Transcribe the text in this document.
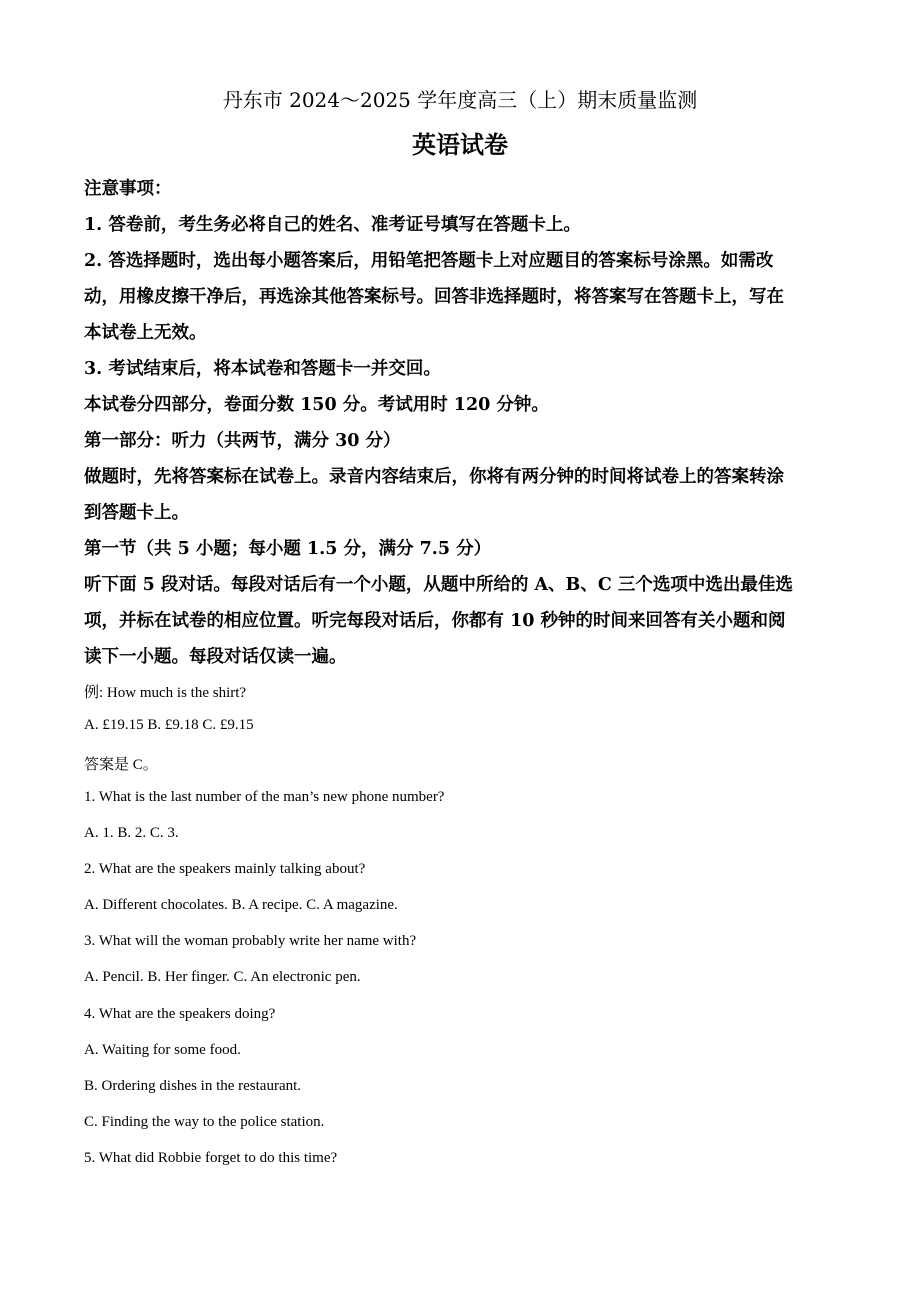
丹东市 2024～2025 学年度高三（上）期末质量监测
英语试卷
注意事项：
1. 答卷前，考生务必将自己的姓名、准考证号填写在答题卡上。
2. 答选择题时，选出每小题答案后，用铅笔把答题卡上对应题目的答案标号涂黑。如需改
动，用橡皮擦干净后，再选涂其他答案标号。回答非选择题时，将答案写在答题卡上，写在
本试卷上无效。
3. 考试结束后，将本试卷和答题卡一并交回。
本试卷分四部分，卷面分数 150 分。考试用时 120 分钟。
第一部分：听力（共两节，满分 30 分）
做题时，先将答案标在试卷上。录音内容结束后，你将有两分钟的时间将试卷上的答案转涂
到答题卡上。
第一节（共 5 小题；每小题 1.5 分，满分 7.5 分）
听下面 5 段对话。每段对话后有一个小题，从题中所给的 A、B、C 三个选项中选出最佳选
项，并标在试卷的相应位置。听完每段对话后，你都有 10 秒钟的时间来回答有关小题和阅
读下一小题。每段对话仅读一遍。
例: How much is the shirt?
A. £19.15 B. £9.18 C. £9.15
答案是 C。
1. What is the last number of the man’s new phone number?
A. 1. B. 2. C. 3.
2. What are the speakers mainly talking about?
A. Different chocolates. B. A recipe. C. A magazine.
3. What will the woman probably write her name with?
A. Pencil. B. Her finger. C. An electronic pen.
4. What are the speakers doing?
A. Waiting for some food.
B. Ordering dishes in the restaurant.
C. Finding the way to the police station.
5. What did Robbie forget to do this time?
